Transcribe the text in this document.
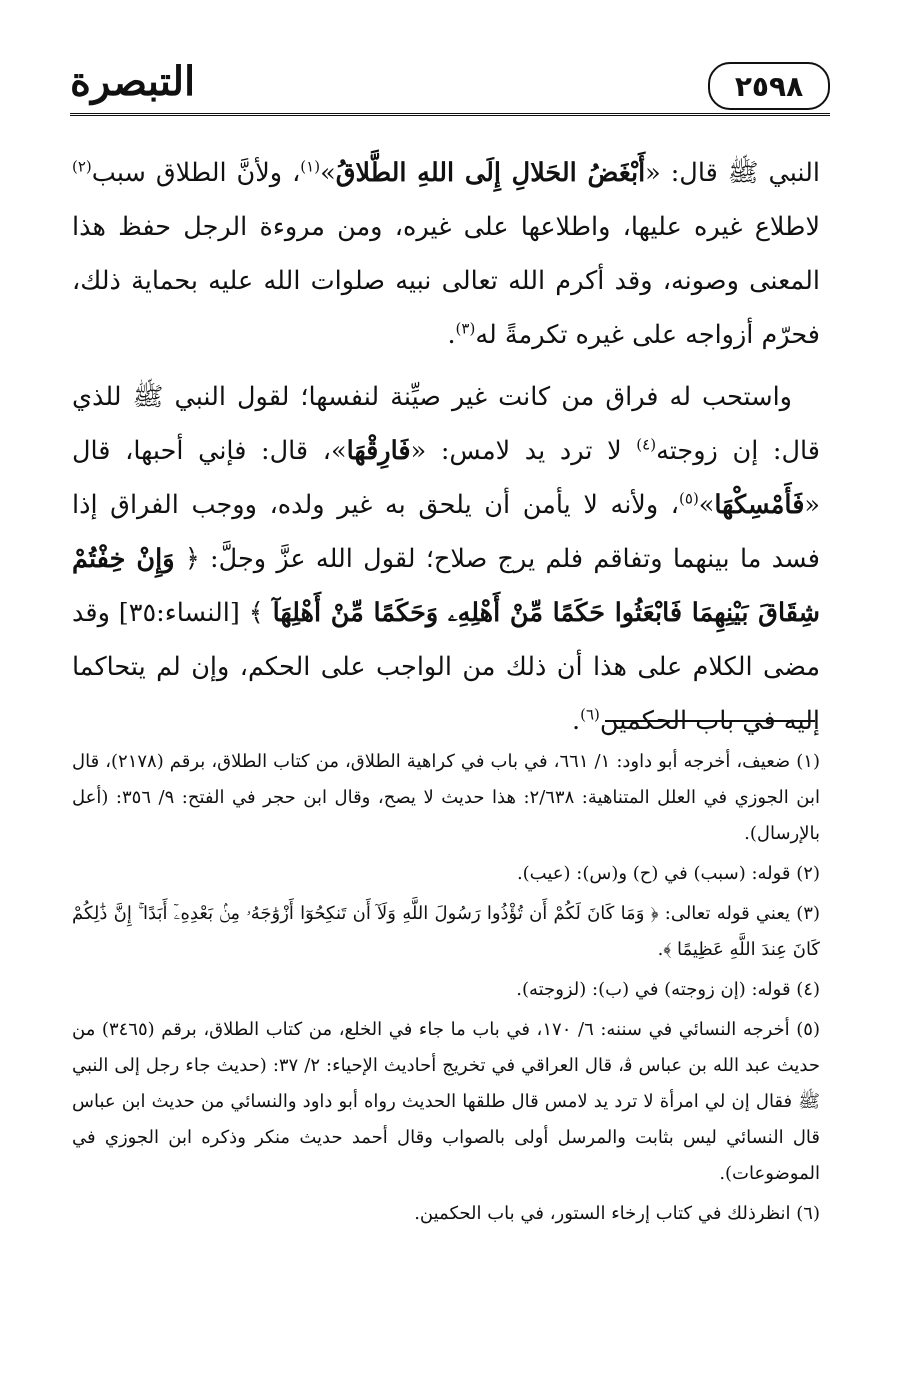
التبصرة	٢٥٩٨

النبي ﷺ قال: «أَبْغَضُ الحَلالِ إِلَى اللهِ الطَّلاقُ»$^{(١)}$، ولأنَّ الطلاق سبب$^{(٢)}$ لاطلاع غيره عليها، واطلاعها على غيره، ومن مروءة الرجل حفظ هذا المعنى وصونه، وقد أكرم الله تعالى نبيه صلوات الله عليه بحماية ذلك، فحرّم أزواجه على غيره تكرمةً له$^{(٣)}$.

واستحب له فراق من كانت غير صيِّنة لنفسها؛ لقول النبي ﷺ للذي قال: إن زوجته$^{(٤)}$ لا ترد يد لامس: «فَارِقْهَا»، قال: فإني أحبها، قال «فَأَمْسِكْهَا»$^{(٥)}$، ولأنه لا يأمن أن يلحق به غير ولده، ووجب الفراق إذا فسد ما بينهما وتفاقم فلم يرج صلاح؛ لقول الله عزَّ وجلَّ: ﴿ وَإِنْ خِفْتُمْ شِقَاقَ بَيْنِهِمَا فَابْعَثُوا حَكَمًا مِّنْ أَهْلِهِۦ وَحَكَمًا مِّنْ أَهْلِهَآ ﴾ [النساء:٣٥] وقد مضى الكلام على هذا أن ذلك من الواجب على الحكم، وإن لم يتحاكما إليه في باب الحكمين$^{(٦)}$.

(١) ضعيف، أخرجه أبو داود: ١/ ٦٦١، في باب في كراهية الطلاق، من كتاب الطلاق، برقم (٢١٧٨)، قال ابن الجوزي في العلل المتناهية: ٢/٦٣٨: هذا حديث لا يصح، وقال ابن حجر في الفتح: ٩/ ٣٥٦: (أعل بالإرسال).

(٢) قوله: (سبب) في (ح) و(س): (عيب).

(٣) يعني قوله تعالى: ﴿ وَمَا كَانَ لَكُمْ أَن تُؤْذُوا رَسُولَ اللَّهِ وَلَآ أَن تَنكِحُوٓا أَزْوَٰجَهُۥ مِنۢ بَعْدِهِۦٓ أَبَدًا ۚ إِنَّ ذَٰلِكُمْ كَانَ عِندَ اللَّهِ عَظِيمًا ﴾.

(٤) قوله: (إن زوجته) في (ب): (لزوجته).

(٥) أخرجه النسائي في سننه: ٦/ ١٧٠، في باب ما جاء في الخلع، من كتاب الطلاق، برقم (٣٤٦٥) من حديث عبد الله بن عباس ﭬ، قال العراقي في تخريج أحاديث الإحياء: ٢/ ٣٧: (حديث جاء رجل إلى النبي ﷺ فقال إن لي امرأة لا ترد يد لامس قال طلقها الحديث رواه أبو داود والنسائي من حديث ابن عباس قال النسائي ليس بثابت والمرسل أولى بالصواب وقال أحمد حديث منكر وذكره ابن الجوزي في الموضوعات).

(٦) انظرذلك في كتاب إرخاء الستور، في باب الحكمين.
